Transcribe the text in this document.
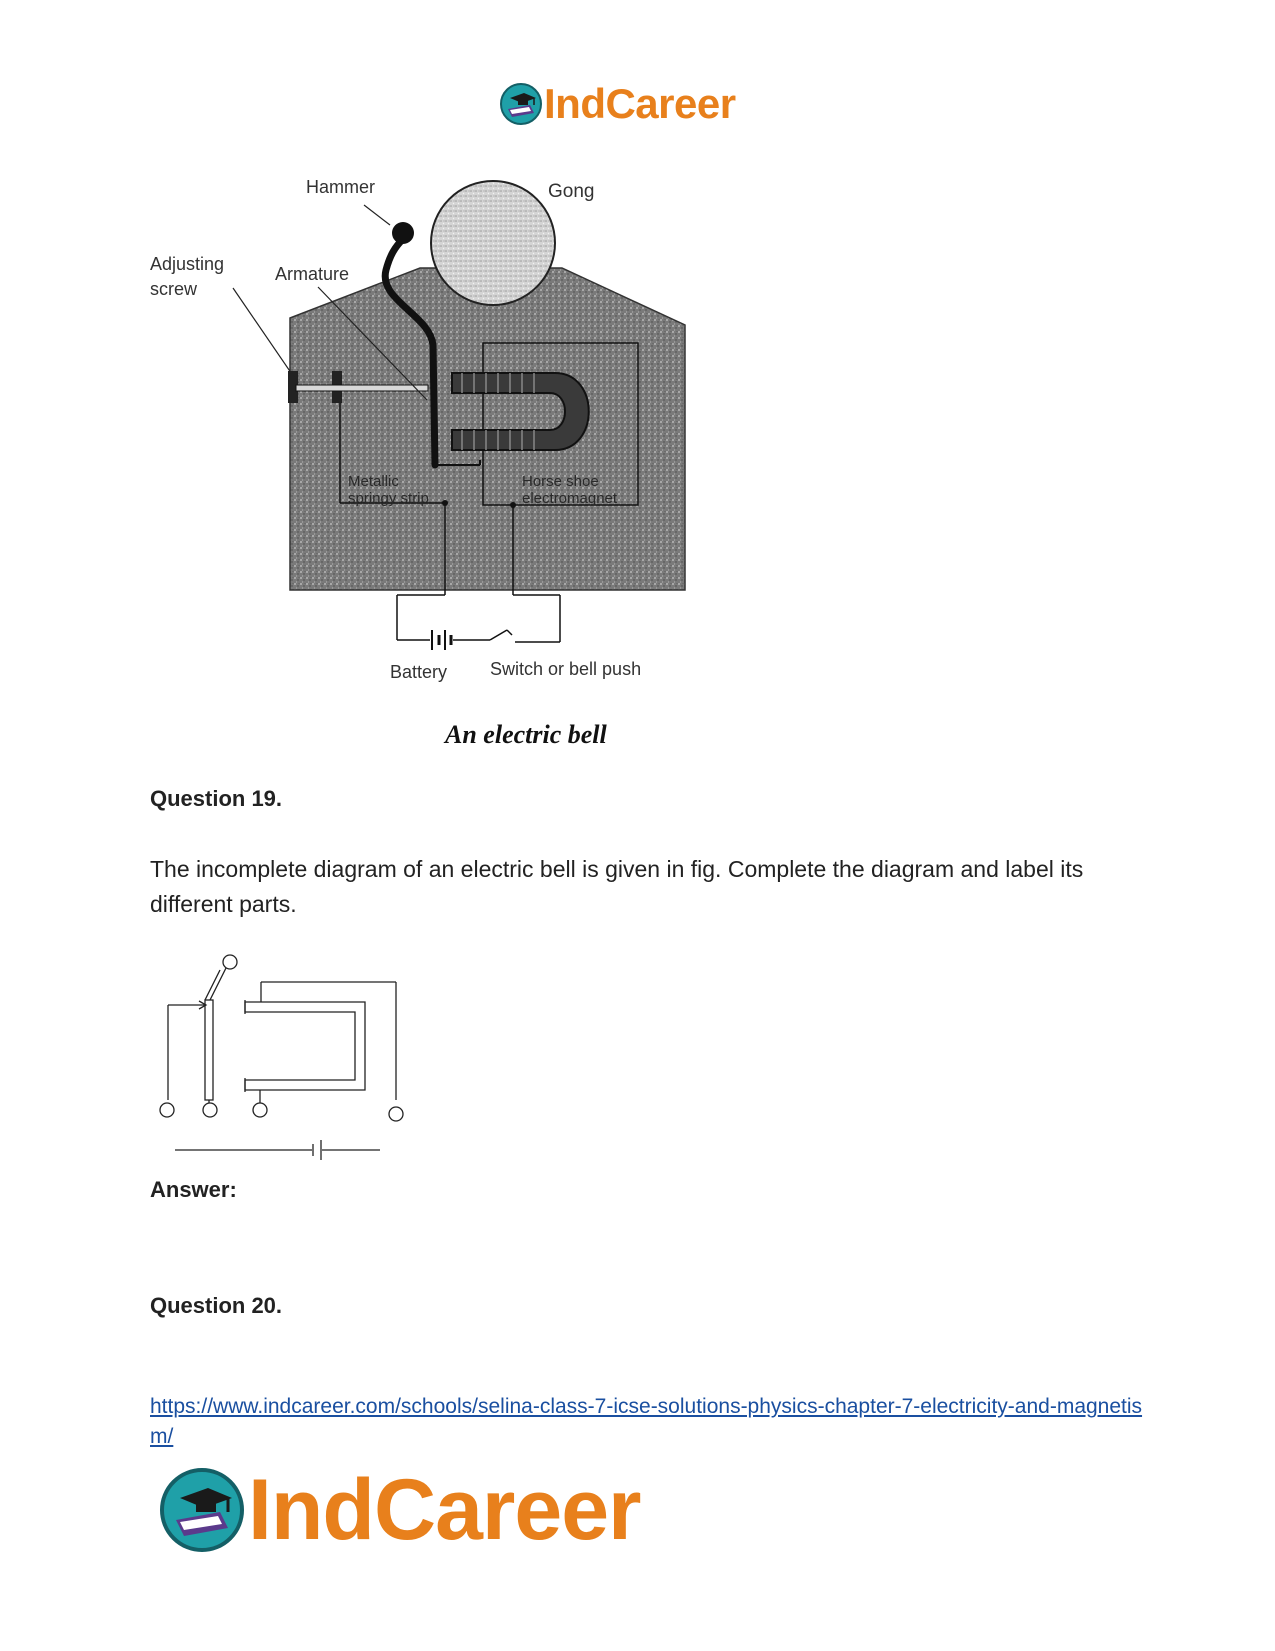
IndCareer
Hammer	Gong
Adjusting
screw
Armature
Metallic
springy strip
Horse shoe
electromagnet
Battery Switch or bell push
An electric bell
Question 19.
The incomplete diagram of an electric bell is given in fig. Complete the diagram and label its different parts.
Answer:
Question 20.
https://www.indcareer.com/schools/selina-class-7-icse-solutions-physics-chapter-7-electricity-and-magnetism/
IndCareer
